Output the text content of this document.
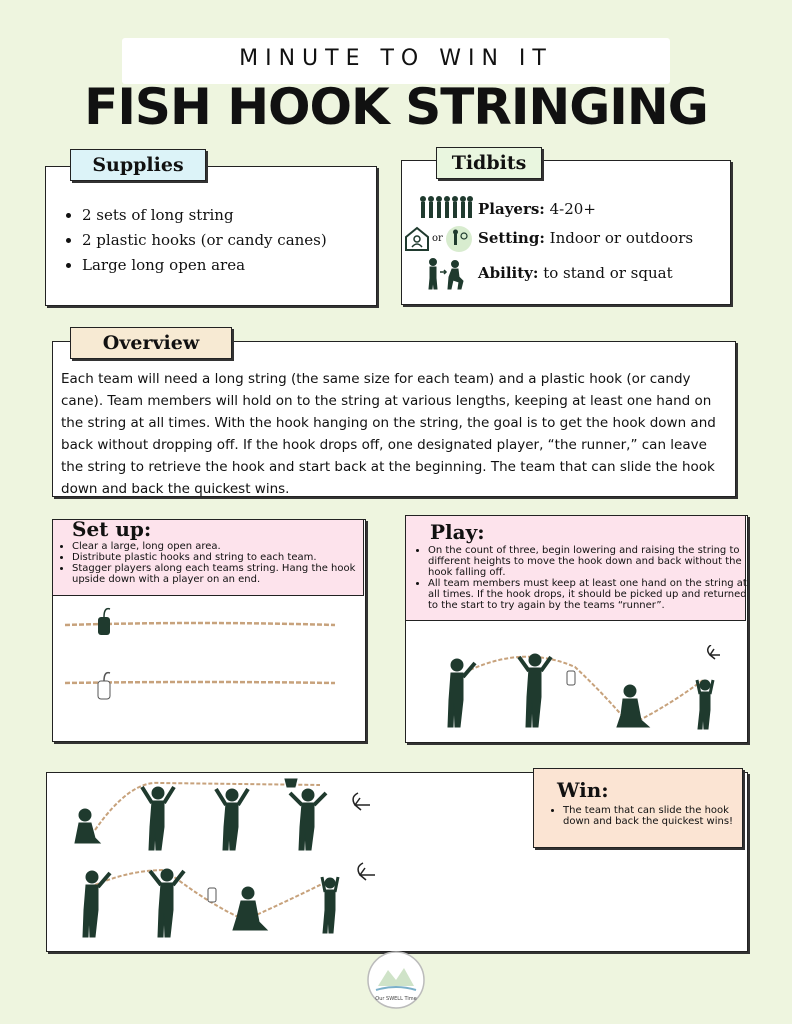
MINUTE TO WIN IT
FISH HOOK STRINGING
• 2 sets of long string
• 2 plastic hooks (or candy canes)
• Large long open area
Supplies	Tidbits
Players: 4-20+
or Setting: Indoor or outdoors
Ability: to stand or squat
Each team will need a long string (the same size for each team) and a plastic hook (or candy cane). Team members will hold on to the string at various lengths, keeping at least one hand on the string at all times. With the hook hanging on the string, the goal is to get the hook down and back without dropping off. If the hook drops off, one designated player, “the runner,” can leave the string to retrieve the hook and start back at the beginning. The team that can slide the hook down and back the quickest wins.
Overview
Set up:
• Clear a large, long open area.
• Distribute plastic hooks and string to each team.
• Stagger players along each teams string. Hang the hook upside down with a player on an end.
Play:
• On the count of three, begin lowering and raising the string to different heights to move the hook down and back without the hook falling off.
• All team members must keep at least one hand on the string at all times. If the hook drops, it should be picked up and returned to the start to try again by the teams “runner”.
Win:
• The team that can slide the hook down and back the quickest wins!
Our SWELL Time
